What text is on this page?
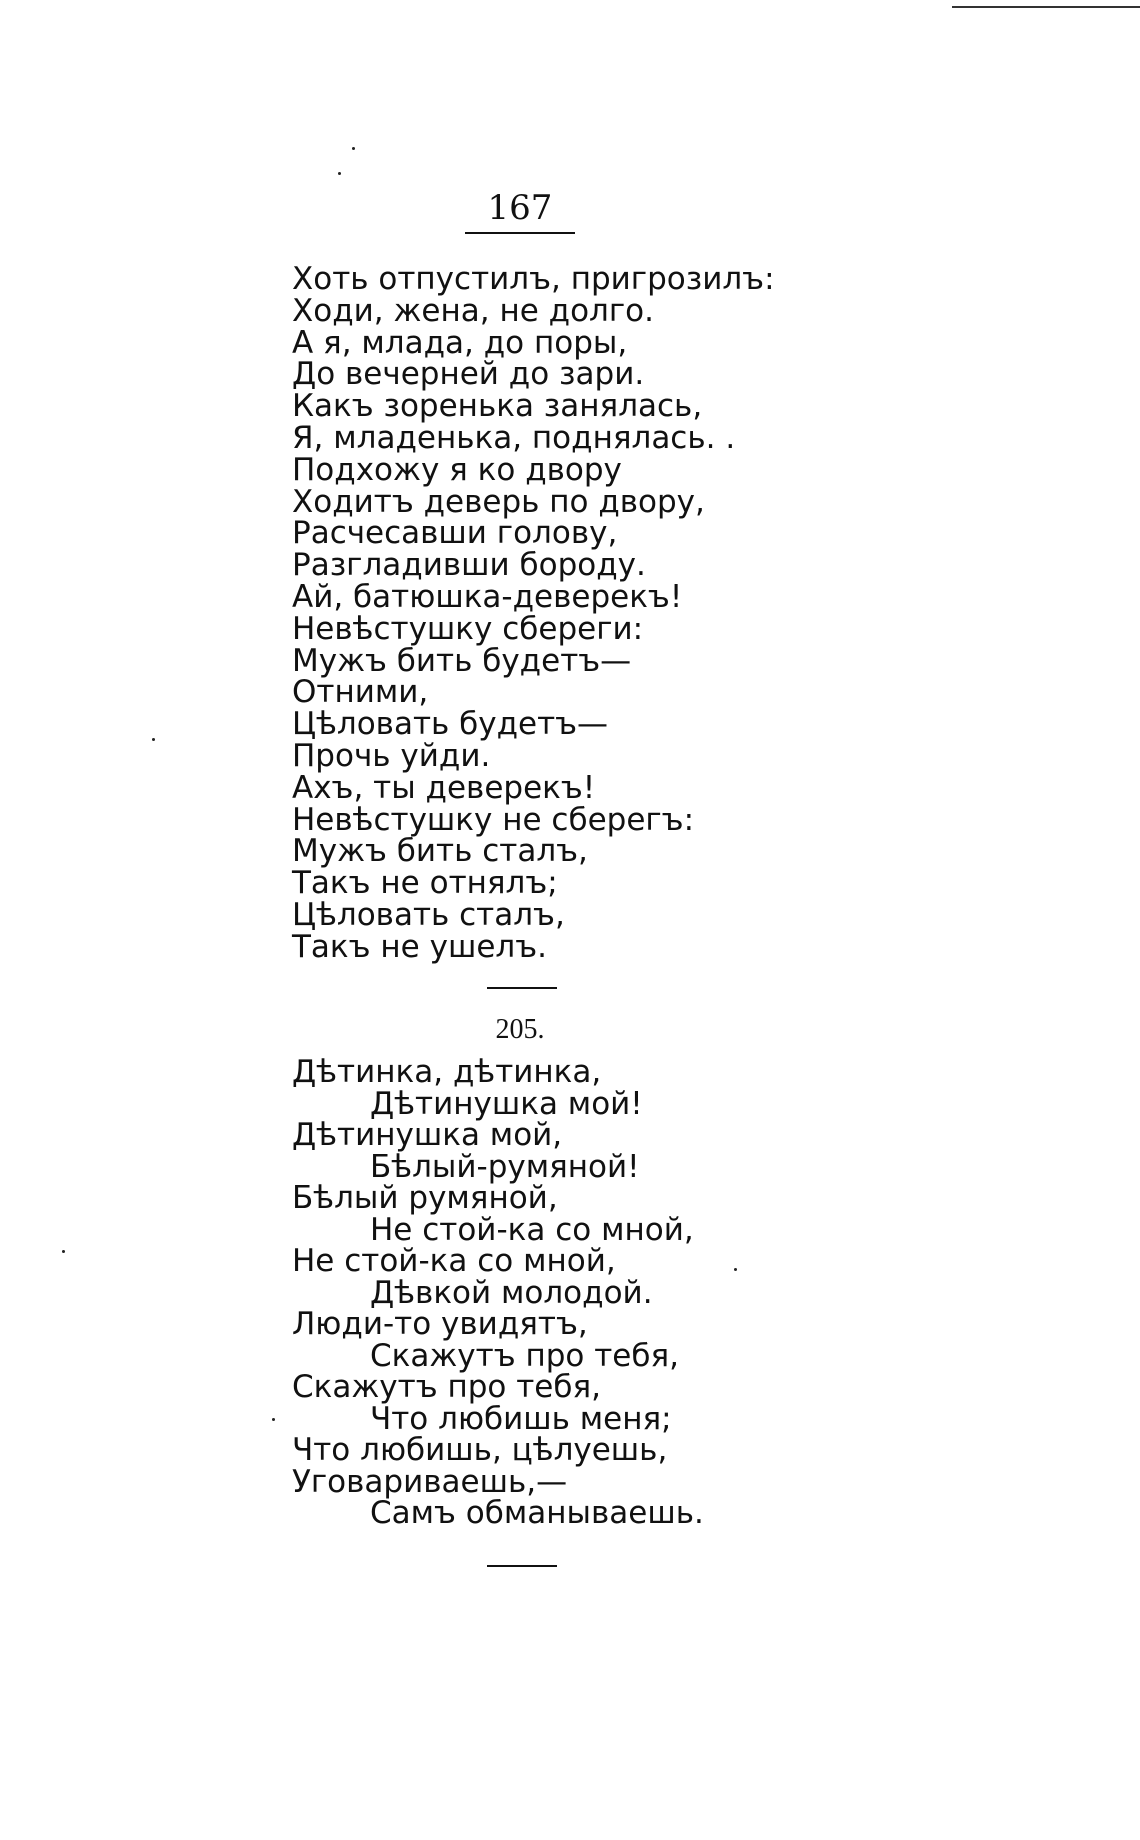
167
Хоть отпустилъ, пригрозилъ:
Ходи, жена, не долго.
А я, млада, до поры,
До вечерней до зари.
Какъ зоренька занялась,
Я, младенька, поднялась. .
Подхожу я ко двору
Ходитъ деверь по двору,
Расчесавши голову,
Разгладивши бороду.
Ай, батюшка-деверекъ!
Невѣстушку сбереги:
Мужъ бить будетъ—
Отними,
Цѣловать будетъ—
Прочь уйди.
Ахъ, ты деверекъ!
Невѣстушку не сберегъ:
Мужъ бить сталъ,
Такъ не отнялъ;
Цѣловать сталъ,
Такъ не ушелъ.
205.
Дѣтинка, дѣтинка,
Дѣтинушка мой!
Дѣтинушка мой,
Бѣлый-румяной!
Бѣлый румяной,
Не стой-ка со мной,
Не стой-ка со мной,
Дѣвкой молодой.
Люди-то увидятъ,
Скажутъ про тебя,
Скажутъ про тебя,
Что любишь меня;
Что любишь, цѣлуешь,
Уговариваешь,—
Самъ обманываешь.
